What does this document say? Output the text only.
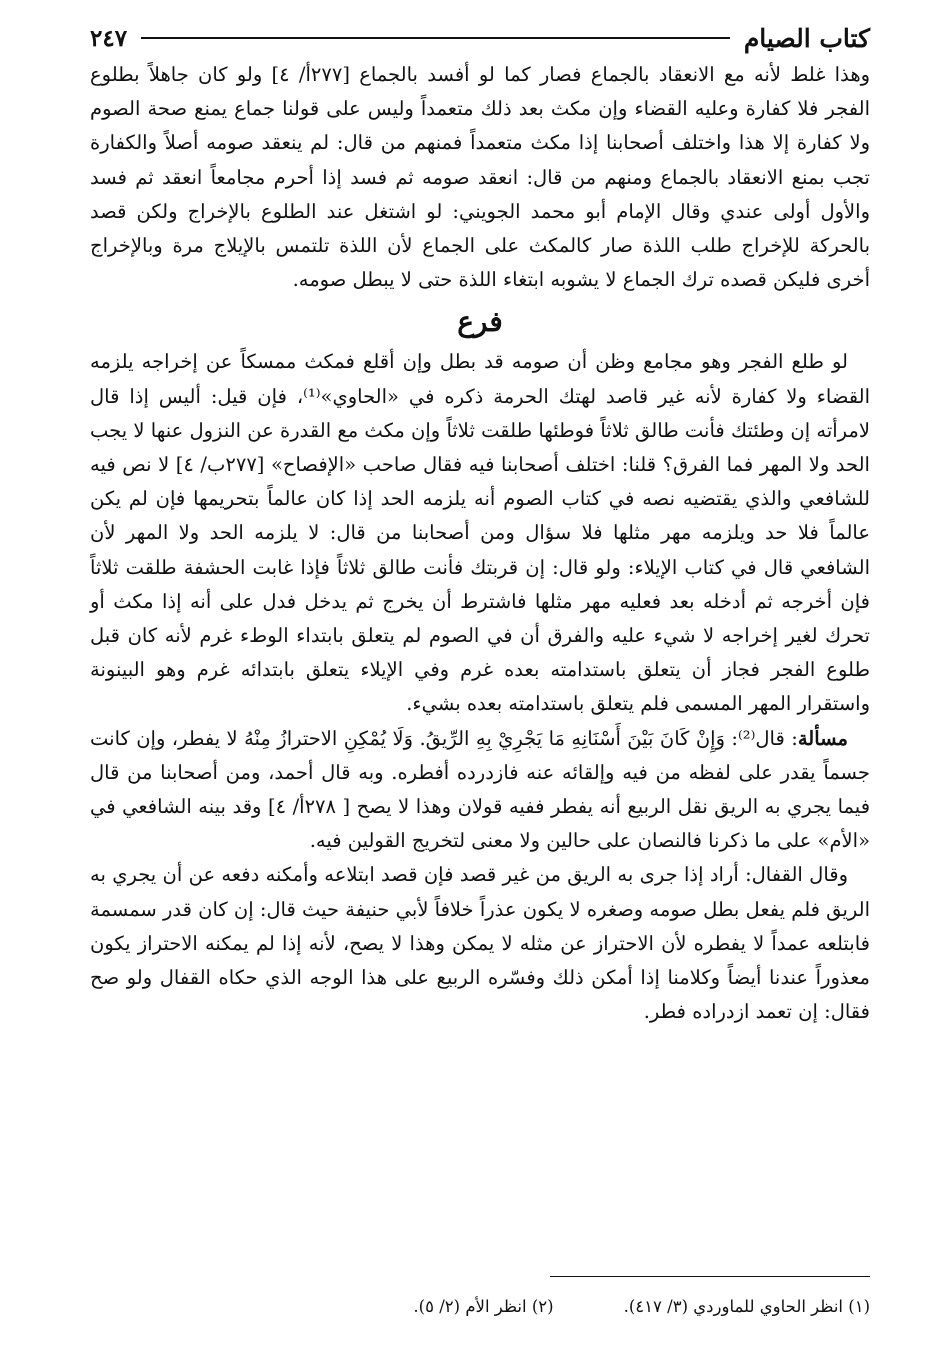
كتاب الصيام
٢٤٧

وهذا غلط لأنه مع الانعقاد بالجماع فصار كما لو أفسد بالجماع [٢٧٧أ/ ٤] ولو كان جاهلاً بطلوع الفجر فلا كفارة وعليه القضاء وإن مكث بعد ذلك متعمداً وليس على قولنا جماع يمنع صحة الصوم ولا كفارة إلا هذا واختلف أصحابنا إذا مكث متعمداً فمنهم من قال: لم ينعقد صومه أصلاً والكفارة تجب بمنع الانعقاد بالجماع ومنهم من قال: انعقد صومه ثم فسد إذا أحرم مجامعاً انعقد ثم فسد والأول أولى عندي وقال الإمام أبو محمد الجويني: لو اشتغل عند الطلوع بالإخراج ولكن قصد بالحركة للإخراج طلب اللذة صار كالمكث على الجماع لأن اللذة تلتمس بالإيلاج مرة وبالإخراج أخرى فليكن قصده ترك الجماع لا يشوبه ابتغاء اللذة حتى لا يبطل صومه.

فرع

لو طلع الفجر وهو مجامع وظن أن صومه قد بطل وإن أقلع فمكث ممسكاً عن إخراجه يلزمه القضاء ولا كفارة لأنه غير قاصد لهتك الحرمة ذكره في «الحاوي»⁽¹⁾، فإن قيل: أليس إذا قال لامرأته إن وطئتك فأنت طالق ثلاثاً فوطئها طلقت ثلاثاً وإن مكث مع القدرة عن النزول عنها لا يجب الحد ولا المهر فما الفرق؟ قلنا: اختلف أصحابنا فيه فقال صاحب «الإفصاح» [٢٧٧ب/ ٤] لا نص فيه للشافعي والذي يقتضيه نصه في كتاب الصوم أنه يلزمه الحد إذا كان عالماً بتحريمها فإن لم يكن عالماً فلا حد ويلزمه مهر مثلها فلا سؤال ومن أصحابنا من قال: لا يلزمه الحد ولا المهر لأن الشافعي قال في كتاب الإيلاء: ولو قال: إن قربتك فأنت طالق ثلاثاً فإذا غابت الحشفة طلقت ثلاثاً فإن أخرجه ثم أدخله بعد فعليه مهر مثلها فاشترط أن يخرج ثم يدخل فدل على أنه إذا مكث أو تحرك لغير إخراجه لا شيء عليه والفرق أن في الصوم لم يتعلق بابتداء الوطء غرم لأنه كان قبل طلوع الفجر فجاز أن يتعلق باستدامته بعده غرم وفي الإيلاء يتعلق بابتدائه غرم وهو البينونة واستقرار المهر المسمى فلم يتعلق باستدامته بعده بشيء.

مسألة: قال⁽²⁾: وَإِنْ كَانَ بَيْنَ أَسْنَانِهِ مَا يَجْرِيْ بِهِ الرِّيقُ. وَلَا يُمْكِنِ الاحترازُ مِنْهُ لا يفطر، وإن كانت جسماً يقدر على لفظه من فيه وإلقائه عنه فازدرده أفطره. وبه قال أحمد، ومن أصحابنا من قال فيما يجري به الريق نقل الربيع أنه يفطر ففيه قولان وهذا لا يصح [ ٢٧٨أ/ ٤] وقد بينه الشافعي في «الأم» على ما ذكرنا فالنصان على حالين ولا معنى لتخريج القولين فيه.

وقال القفال: أراد إذا جرى به الريق من غير قصد فإن قصد ابتلاعه وأمكنه دفعه عن أن يجري به الريق فلم يفعل بطل صومه وصغره لا يكون عذراً خلافاً لأبي حنيفة حيث قال: إن كان قدر سمسمة فابتلعه عمداً لا يفطره لأن الاحتراز عن مثله لا يمكن وهذا لا يصح، لأنه إذا لم يمكنه الاحتراز يكون معذوراً عندنا أيضاً وكلامنا إذا أمكن ذلك وفسّره الربيع على هذا الوجه الذي حكاه القفال ولو صح فقال: إن تعمد ازدراده فطر.

(١) انظر الحاوي للماوردي (٣/ ٤١٧).
(٢) انظر الأم (٢/ ٥).
